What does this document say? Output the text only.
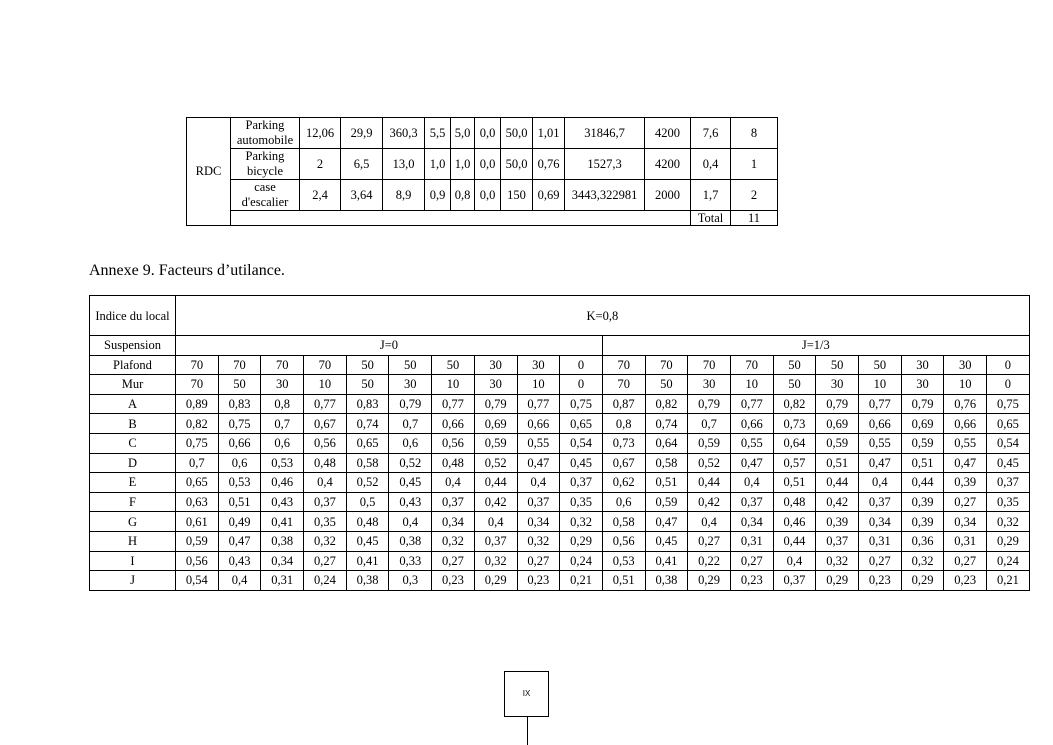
RDC	Parking automobile	12,06	29,9	360,3	5,5	5,0	0,0	50,0	1,01	31846,7	4200	7,6	8
	Parking bicycle	2	6,5	13,0	1,0	1,0	0,0	50,0	0,76	1527,3	4200	0,4	1
	case d'escalier	2,4	3,64	8,9	0,9	0,8	0,0	150	0,69	3443,322981	2000	1,7	2
												Total	11
Annexe 9. Facteurs d’utilance.
Indice du local	K=0,8																			
Suspension	J=0										J=1/3									
Plafond	70	70	70	70	50	50	50	30	30	0	70	70	70	70	50	50	50	30	30	0
Mur	70	50	30	10	50	30	10	30	10	0	70	50	30	10	50	30	10	30	10	0
A	0,89	0,83	0,8	0,77	0,83	0,79	0,77	0,79	0,77	0,75	0,87	0,82	0,79	0,77	0,82	0,79	0,77	0,79	0,76	0,75
B	0,82	0,75	0,7	0,67	0,74	0,7	0,66	0,69	0,66	0,65	0,8	0,74	0,7	0,66	0,73	0,69	0,66	0,69	0,66	0,65
C	0,75	0,66	0,6	0,56	0,65	0,6	0,56	0,59	0,55	0,54	0,73	0,64	0,59	0,55	0,64	0,59	0,55	0,59	0,55	0,54
D	0,7	0,6	0,53	0,48	0,58	0,52	0,48	0,52	0,47	0,45	0,67	0,58	0,52	0,47	0,57	0,51	0,47	0,51	0,47	0,45
E	0,65	0,53	0,46	0,4	0,52	0,45	0,4	0,44	0,4	0,37	0,62	0,51	0,44	0,4	0,51	0,44	0,4	0,44	0,39	0,37
F	0,63	0,51	0,43	0,37	0,5	0,43	0,37	0,42	0,37	0,35	0,6	0,59	0,42	0,37	0,48	0,42	0,37	0,39	0,27	0,35
G	0,61	0,49	0,41	0,35	0,48	0,4	0,34	0,4	0,34	0,32	0,58	0,47	0,4	0,34	0,46	0,39	0,34	0,39	0,34	0,32
H	0,59	0,47	0,38	0,32	0,45	0,38	0,32	0,37	0,32	0,29	0,56	0,45	0,27	0,31	0,44	0,37	0,31	0,36	0,31	0,29
I	0,56	0,43	0,34	0,27	0,41	0,33	0,27	0,32	0,27	0,24	0,53	0,41	0,22	0,27	0,4	0,32	0,27	0,32	0,27	0,24
J	0,54	0,4	0,31	0,24	0,38	0,3	0,23	0,29	0,23	0,21	0,51	0,38	0,29	0,23	0,37	0,29	0,23	0,29	0,23	0,21
IX
